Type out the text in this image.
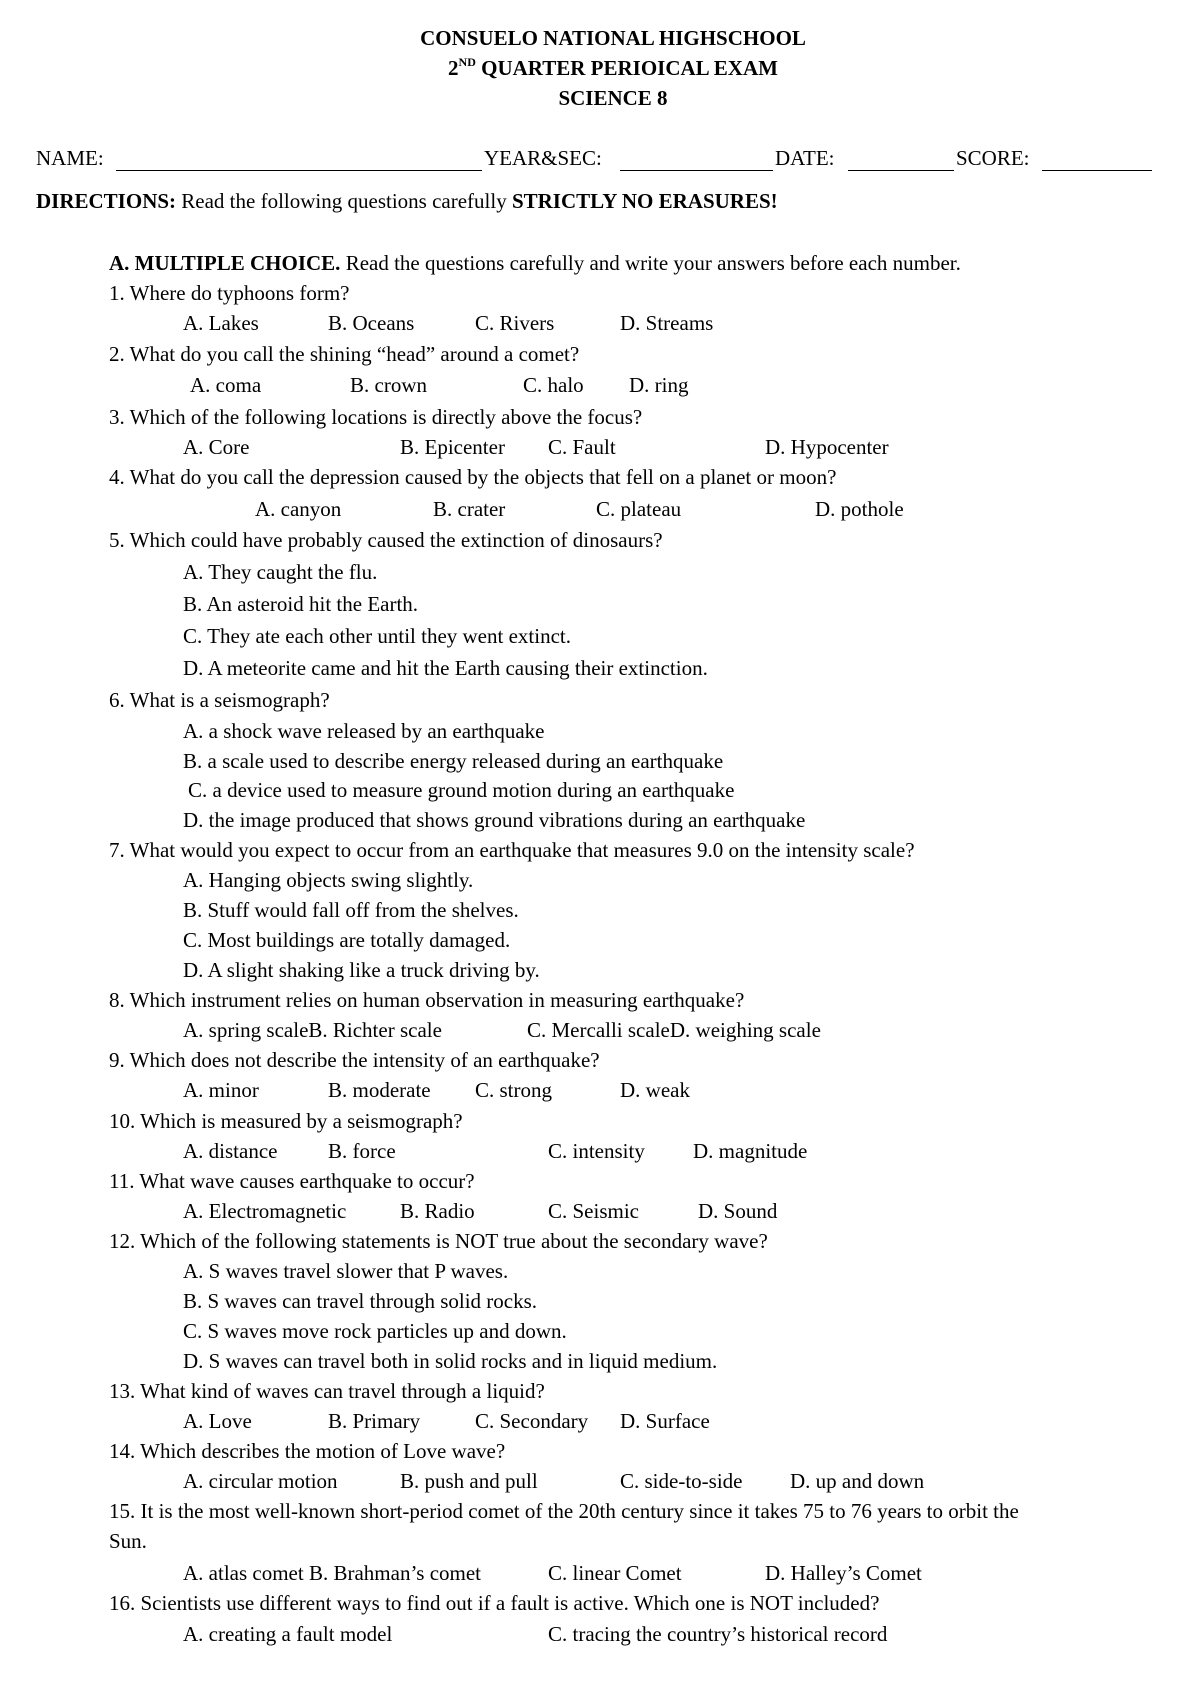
CONSUELO NATIONAL HIGHSCHOOL
2ND QUARTER PERIOICAL EXAM
SCIENCE 8
NAME:	YEAR&SEC:	DATE:	SCORE:
DIRECTIONS: Read the following questions carefully STRICTLY NO ERASURES!
A. MULTIPLE CHOICE. Read the questions carefully and write your answers before each number.
1. Where do typhoons form?
A. Lakes	B. Oceans	C. Rivers	D. Streams
2. What do you call the shining “head” around a comet?
A. coma	B. crown	C. halo D. ring
3. Which of the following locations is directly above the focus?
A. Core	B. Epicenter C. Fault	D. Hypocenter
4. What do you call the depression caused by the objects that fell on a planet or moon?
A. canyon	B. crater	C. plateau	D. pothole
5. Which could have probably caused the extinction of dinosaurs?
A. They caught the flu.
B. An asteroid hit the Earth.
C. They ate each other until they went extinct.
D. A meteorite came and hit the Earth causing their extinction.
6. What is a seismograph?
A. a shock wave released by an earthquake
B. a scale used to describe energy released during an earthquake
C. a device used to measure ground motion during an earthquake
D. the image produced that shows ground vibrations during an earthquake
7. What would you expect to occur from an earthquake that measures 9.0 on the intensity scale?
A. Hanging objects swing slightly.
B. Stuff would fall off from the shelves.
C. Most buildings are totally damaged.
D. A slight shaking like a truck driving by.
8. Which instrument relies on human observation in measuring earthquake?
A. spring scaleB. Richter scale	C. Mercalli scaleD. weighing scale
9. Which does not describe the intensity of an earthquake?
A. minor	B. moderate C. strong	D. weak
10. Which is measured by a seismograph?
A. distance B. force	C. intensity D. magnitude
11. What wave causes earthquake to occur?
A. Electromagnetic	B. Radio	C. Seismic	D. Sound
12. Which of the following statements is NOT true about the secondary wave?
A. S waves travel slower that P waves.
B. S waves can travel through solid rocks.
C. S waves move rock particles up and down.
D. S waves can travel both in solid rocks and in liquid medium.
13. What kind of waves can travel through a liquid?
A. Love	B. Primary	C. Secondary D. Surface
14. Which describes the motion of Love wave?
A. circular motion	B. push and pull	C. side-to-side D. up and down
15. It is the most well-known short-period comet of the 20th century since it takes 75 to 76 years to orbit the
Sun.
A. atlas comet B. Brahman’s comet	C. linear Comet	D. Halley’s Comet
16. Scientists use different ways to find out if a fault is active. Which one is NOT included?
A. creating a fault model	C. tracing the country’s historical record
